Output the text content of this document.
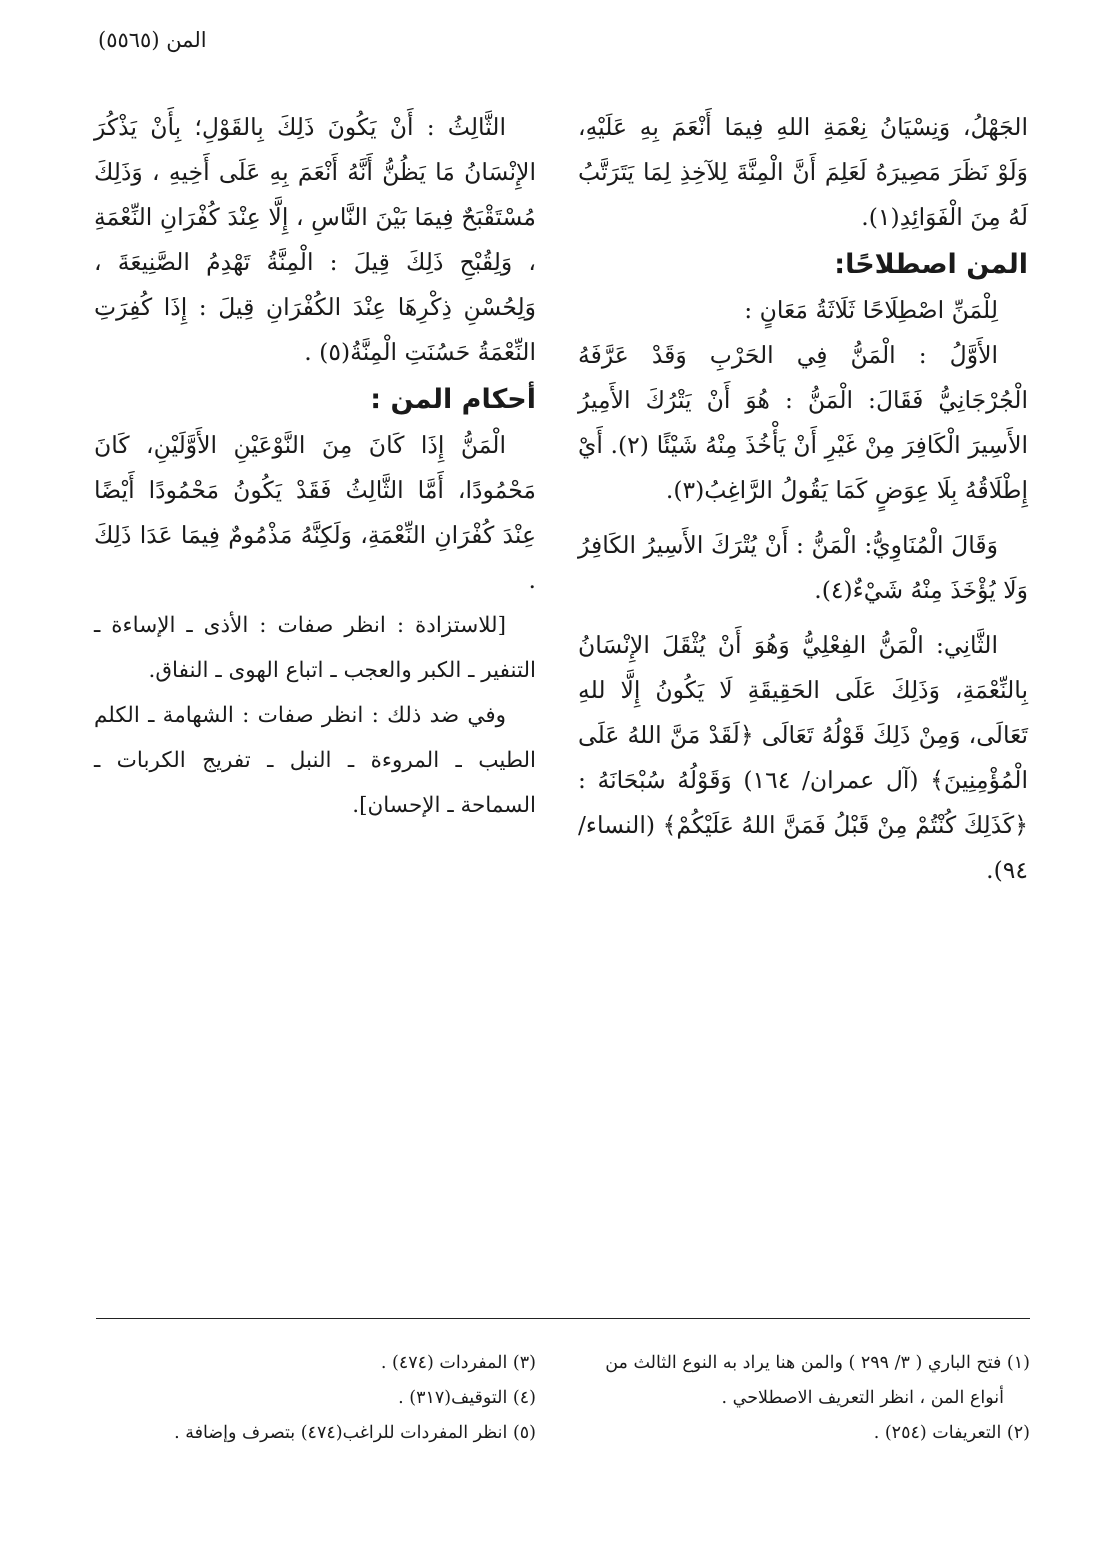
المن (٥٥٦٥)

الجَهْلُ، وَنِسْيَانُ نِعْمَةِ اللهِ فِيمَا أَنْعَمَ بِهِ عَلَيْهِ، وَلَوْ نَظَرَ مَصِيرَهُ لَعَلِمَ أَنَّ الْمِنَّةَ لِلآخِذِ لِمَا يَتَرَتَّبُ لَهُ مِنَ الْفَوَائِدِ(١).

المن اصطلاحًا:

لِلْمَنِّ اصْطِلَاحًا ثَلَاثَةُ مَعَانٍ :

الأَوَّلُ : الْمَنُّ فِي الحَرْبِ وَقَدْ عَرَّفَهُ الْجُرْجَانِيُّ فَقَالَ: الْمَنُّ : هُوَ أَنْ يَتْرُكَ الأَمِيرُ الأَسِيرَ الْكَافِرَ مِنْ غَيْرِ أَنْ يَأْخُذَ مِنْهُ شَيْئًا (٢). أَيْ إِطْلَاقُهُ بِلَا عِوَضٍ كَمَا يَقُولُ الرَّاغِبُ(٣).

وَقَالَ الْمُنَاوِيُّ: الْمَنُّ : أَنْ يُتْرَكَ الأَسِيرُ الكَافِرُ وَلَا يُؤْخَذَ مِنْهُ شَيْءٌ(٤).

الثَّانِي: الْمَنُّ الفِعْلِيُّ وَهُوَ أَنْ يُثْقَلَ الإِنْسَانُ بِالنِّعْمَةِ، وَذَلِكَ عَلَى الحَقِيقَةِ لَا يَكُونُ إِلَّا للهِ تَعَالَى، وَمِنْ ذَلِكَ قَوْلُهُ تَعَالَى ﴿لَقَدْ مَنَّ اللهُ عَلَى الْمُؤْمِنِينَ﴾ (آل عمران/ ١٦٤) وَقَوْلُهُ سُبْحَانَهُ : ﴿كَذَلِكَ كُنْتُمْ مِنْ قَبْلُ فَمَنَّ اللهُ عَلَيْكُمْ﴾ (النساء/ ٩٤).

الثَّالِثُ : أَنْ يَكُونَ ذَلِكَ بِالقَوْلِ؛ بِأَنْ يَذْكُرَ الإِنْسَانُ مَا يَظُنُّ أَنَّهُ أَنْعَمَ بِهِ عَلَى أَخِيهِ ، وَذَلِكَ مُسْتَقْبَحٌ فِيمَا بَيْنَ النَّاسِ ، إِلَّا عِنْدَ كُفْرَانِ النِّعْمَةِ ، وَلِقُبْحِ ذَلِكَ قِيلَ : الْمِنَّةُ تَهْدِمُ الصَّنِيعَةَ ، وَلِحُسْنِ ذِكْرِهَا عِنْدَ الكُفْرَانِ قِيلَ : إِذَا كُفِرَتِ النِّعْمَةُ حَسُنَتِ الْمِنَّةُ(٥) .

أحكام المن :

الْمَنُّ إِذَا كَانَ مِنَ النَّوْعَيْنِ الأَوَّلَيْنِ، كَانَ مَحْمُودًا، أَمَّا الثَّالِثُ فَقَدْ يَكُونُ مَحْمُودًا أَيْضًا عِنْدَ كُفْرَانِ النِّعْمَةِ، وَلَكِنَّهُ مَذْمُومٌ فِيمَا عَدَا ذَلِكَ .

[للاستزادة : انظر صفات : الأذى ـ الإساءة ـ التنفير ـ الكبر والعجب ـ اتباع الهوى ـ النفاق.

وفي ضد ذلك : انظر صفات : الشهامة ـ الكلم الطيب ـ المروءة ـ النبل ـ تفريج الكربات ـ السماحة ـ الإحسان].

(١) فتح الباري ( ٣/ ٢٩٩ ) والمن هنا يراد به النوع الثالث من

أنواع المن ، انظر التعريف الاصطلاحي .

(٢) التعريفات (٢٥٤) .

(٣) المفردات (٤٧٤) .

(٤) التوقيف(٣١٧) .

(٥) انظر المفردات للراغب(٤٧٤) بتصرف وإضافة .
